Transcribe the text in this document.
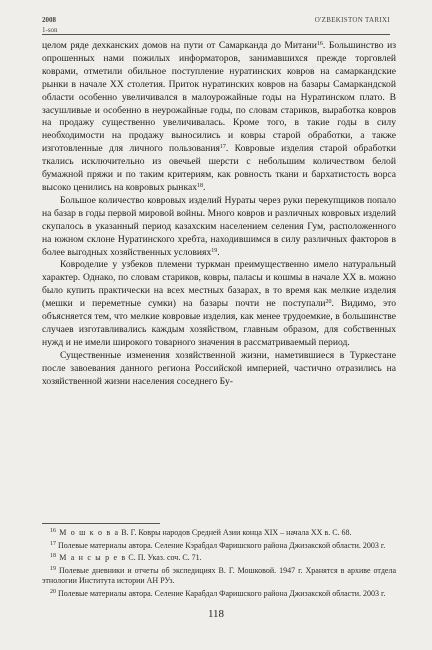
2008	O'ZBEKISTON TARIXI
1-son

целом ряде дехканских домов на пути от Самарканда до Митани$^{16}$. Большинство из опрошенных нами пожилых информаторов, занимавшихся прежде торговлей коврами, отметили обильное поступление нуратинских ковров на самаркандские рынки в начале XX столетия. Приток нуратинских ковров на базары Самаркандской области особенно увеличивался в малоурожайные годы на Нуратинском плато. В засушливые и особенно в неурожайные годы, по словам стариков, выработка ковров на продажу существенно увеличивалась. Кроме того, в такие годы в силу необходимости на продажу выносились и ковры старой обработки, а также изготовленные для личного пользования$^{17}$. Ковровые изделия старой обработки ткались исключительно из овечьей шерсти с небольшим количеством белой бумажной пряжи и по таким критериям, как ровность ткани и бархатистость ворса высоко ценились на ковровых рынках$^{18}$.

Большое количество ковровых изделий Нураты через руки перекупщиков попало на базар в годы первой мировой войны. Много ковров и различных ковровых изделий скупалось в указанный период казахским населением селения Гум, расположенного на южном склоне Нуратинского хребта, находившимся в силу различных факторов в более выгодных хозяйственных условиях$^{19}$.

Ковроделие у узбеков племени туркман преимущественно имело натуральный характер. Однако, по словам стариков, ковры, паласы и кошмы в начале XX в. можно было купить практически на всех местных базарах, в то время как мелкие изделия (мешки и переметные сумки) на базары почти не поступали$^{20}$. Видимо, это объясняется тем, что мелкие ковровые изделия, как менее трудоемкие, в большинстве случаев изготавливались каждым хозяйством, главным образом, для собственных нужд и не имели широкого товарного значения в рассматриваемый период.

Существенные изменения хозяйственной жизни, наметившиеся в Туркестане после завоевания данного региона Российской империей, частично отразились на хозяйственной жизни населения соседнего Бу-

$^{16}$ М о ш к о в а В. Г. Ковры народов Средней Азии конца XIX – начала XX в. С. 68.

$^{17}$ Полевые материалы автора. Селение Кэрабдал Фаришского района Джизакской области. 2003 г.

$^{18}$ М а н с ы р е в С. П. Указ. соч. С. 71.

$^{19}$ Полевые дневники и отчеты об экспедициях В. Г. Мошковой. 1947 г. Хранятся в архиве отдела этнологии Института истории АН РУз.

$^{20}$ Полевые материалы автора. Селение Карабдал Фаришского района Джизакской области. 2003 г.

118
